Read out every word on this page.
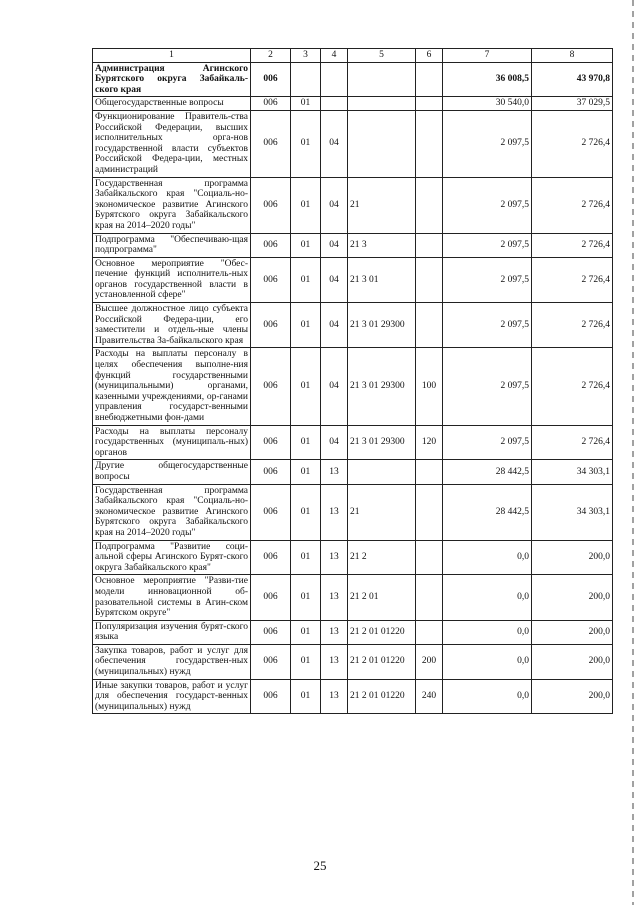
1	2	3	4	5	6	7	8
Администрация Агинского Бурятского округа Забайкаль-ского края	006					36 008,5	43 970,8
Общегосударственные вопросы	006	01				30 540,0	37 029,5
Функционирование Правитель-ства Российской Федерации, высших исполнительных орга-нов государственной власти субъектов Российской Федера-ции, местных администраций	006	01	04			2 097,5	2 726,4
Государственная программа Забайкальского края "Социаль-но-экономическое развитие Агинского Бурятского округа Забайкальского края на 2014–2020 годы"	006	01	04	21		2 097,5	2 726,4
Подпрограмма "Обеспечиваю-щая подпрограмма"	006	01	04	21 3		2 097,5	2 726,4
Основное мероприятие "Обес-печение функций исполнитель-ных органов государственной власти в установленной сфере"	006	01	04	21 3 01		2 097,5	2 726,4
Высшее должностное лицо субъекта Российской Федера-ции, его заместители и отдель-ные члены Правительства За-байкальского края	006	01	04	21 3 01 29300		2 097,5	2 726,4
Расходы на выплаты персоналу в целях обеспечения выполне-ния функций государственными (муниципальными) органами, казенными учреждениями, ор-ганами управления государст-венными внебюджетными фон-дами	006	01	04	21 3 01 29300	100	2 097,5	2 726,4
Расходы на выплаты персоналу государственных (муниципаль-ных) органов	006	01	04	21 3 01 29300	120	2 097,5	2 726,4
Другие общегосударственные вопросы	006	01	13			28 442,5	34 303,1
Государственная программа Забайкальского края "Социаль-но-экономическое развитие Агинского Бурятского округа Забайкальского края на 2014–2020 годы"	006	01	13	21		28 442,5	34 303,1
Подпрограмма "Развитие соци-альной сферы Агинского Бурят-ского округа Забайкальского края"	006	01	13	21 2		0,0	200,0
Основное мероприятие "Разви-тие модели инновационной об-разовательной системы в Агин-ском Бурятском округе"	006	01	13	21 2 01		0,0	200,0
Популяризация изучения бурят-ского языка	006	01	13	21 2 01 01220		0,0	200,0
Закупка товаров, работ и услуг для обеспечения государствен-ных (муниципальных) нужд	006	01	13	21 2 01 01220	200	0,0	200,0
Иные закупки товаров, работ и услуг для обеспечения государст-венных (муниципальных) нужд	006	01	13	21 2 01 01220	240	0,0	200,0
25
